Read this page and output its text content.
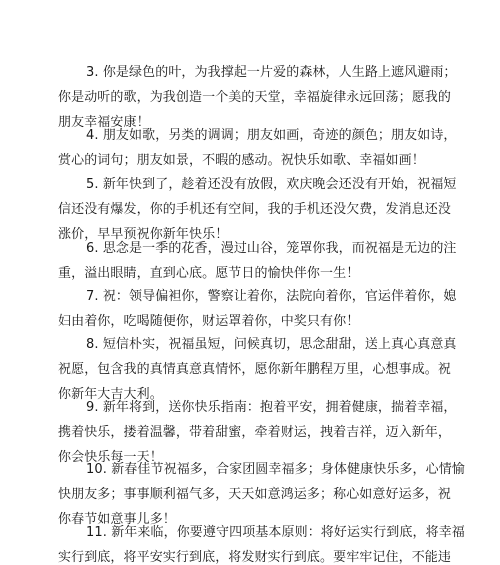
3. 你是绿色的叶，为我撑起一片爱的森林，人生路上遮风避雨；
你是动听的歌，为我创造一个美的天堂，幸福旋律永远回荡；愿我的
朋友幸福安康！
4. 朋友如歌，另类的调调；朋友如画，奇迹的颜色；朋友如诗，
赏心的词句；朋友如景，不暇的感动。祝快乐如歌、幸福如画！
5. 新年快到了，趁着还没有放假，欢庆晚会还没有开始，祝福短
信还没有爆发，你的手机还有空间，我的手机还没欠费，发消息还没
涨价，早早预祝你新年快乐！
6. 思念是一季的花香，漫过山谷，笼罩你我，而祝福是无边的注
重，溢出眼睛，直到心底。愿节日的愉快伴你一生！
7. 祝：领导偏袒你，警察让着你，法院向着你，官运伴着你，媳
妇由着你，吃喝随便你，财运罩着你，中奖只有你！
8. 短信朴实，祝福虽短，问候真切，思念甜甜，送上真心真意真
祝愿，包含我的真情真意真情怀，愿你新年鹏程万里，心想事成。祝
你新年大吉大利。
9. 新年将到，送你快乐指南：抱着平安，拥着健康，揣着幸福，
携着快乐，搂着温馨，带着甜蜜，牵着财运，拽着吉祥，迈入新年，
你会快乐每一天！
10. 新春佳节祝福多，合家团圆幸福多；身体健康快乐多，心情愉
快朋友多；事事顺利福气多，天天如意鸿运多；称心如意好运多，祝
你春节如意事儿多！
11. 新年来临，你要遵守四项基本原则：将好运实行到底，将幸福
实行到底，将平安实行到底，将发财实行到底。要牢牢记住，不能违
